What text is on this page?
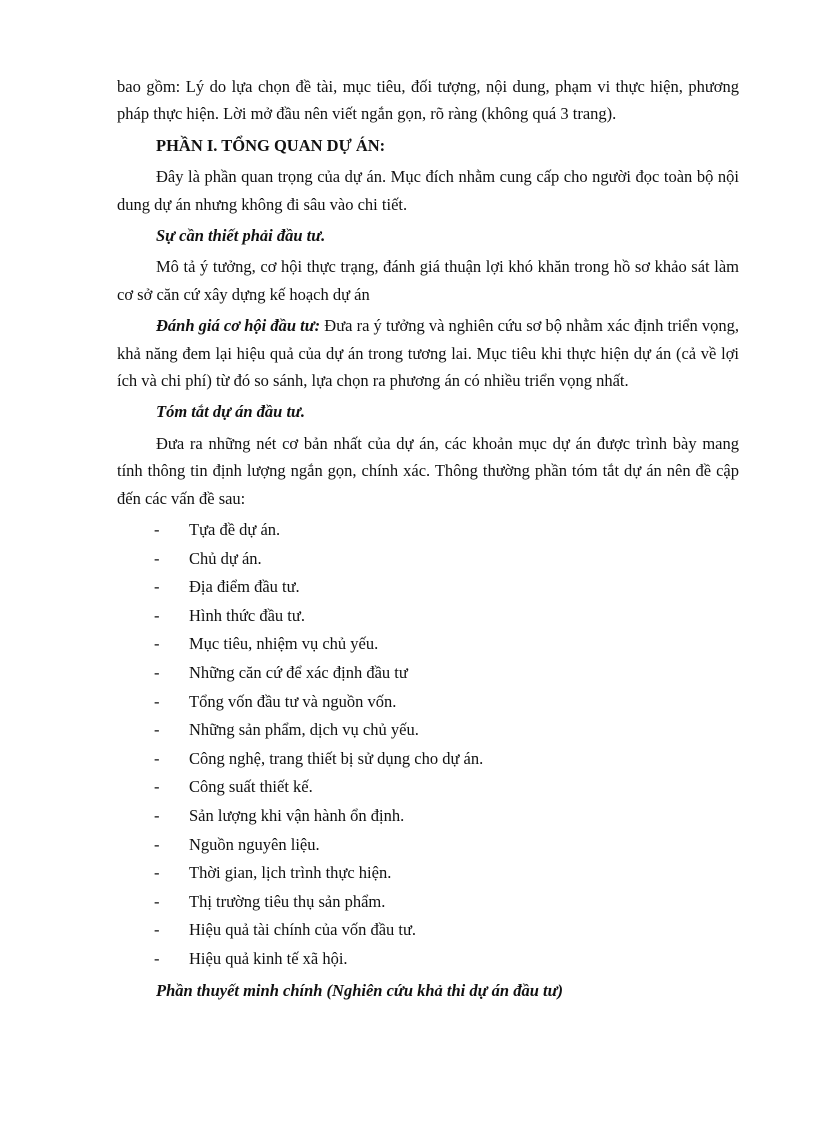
bao gồm: Lý do lựa chọn đề tài, mục tiêu, đối tượng, nội dung, phạm vi thực hiện, phương pháp thực hiện. Lời mở đầu nên viết ngắn gọn, rõ ràng (không quá 3 trang).

PHẦN I. TỔNG QUAN DỰ ÁN:

Đây là phần quan trọng của dự án. Mục đích nhằm cung cấp cho người đọc toàn bộ nội dung dự án nhưng không đi sâu vào chi tiết.

Sự cần thiết phải đầu tư.

Mô tả ý tưởng, cơ hội thực trạng, đánh giá thuận lợi khó khăn trong hồ sơ khảo sát làm cơ sở căn cứ xây dựng kế hoạch dự án

Đánh giá cơ hội đầu tư: Đưa ra ý tưởng và nghiên cứu sơ bộ nhằm xác định triển vọng, khả năng đem lại hiệu quả của dự án trong tương lai. Mục tiêu khi thực hiện dự án (cả về lợi ích và chi phí) từ đó so sánh, lựa chọn ra phương án có nhiều triển vọng nhất.

Tóm tắt dự án đầu tư.

Đưa ra những nét cơ bản nhất của dự án, các khoản mục dự án được trình bày mang tính thông tin định lượng ngắn gọn, chính xác. Thông thường phần tóm tắt dự án nên đề cập đến các vấn đề sau:

- Tựa đề dự án.
- Chủ dự án.
- Địa điểm đầu tư.
- Hình thức đầu tư.
- Mục tiêu, nhiệm vụ chủ yếu.
- Những căn cứ để xác định đầu tư
- Tổng vốn đầu tư và nguồn vốn.
- Những sản phẩm, dịch vụ chủ yếu.
- Công nghệ, trang thiết bị sử dụng cho dự án.
- Công suất thiết kế.
- Sản lượng khi vận hành ổn định.
- Nguồn nguyên liệu.
- Thời gian, lịch trình thực hiện.
- Thị trường tiêu thụ sản phẩm.
- Hiệu quả tài chính của vốn đầu tư.
- Hiệu quả kinh tế xã hội.
Phần thuyết minh chính (Nghiên cứu khả thi dự án đầu tư)
